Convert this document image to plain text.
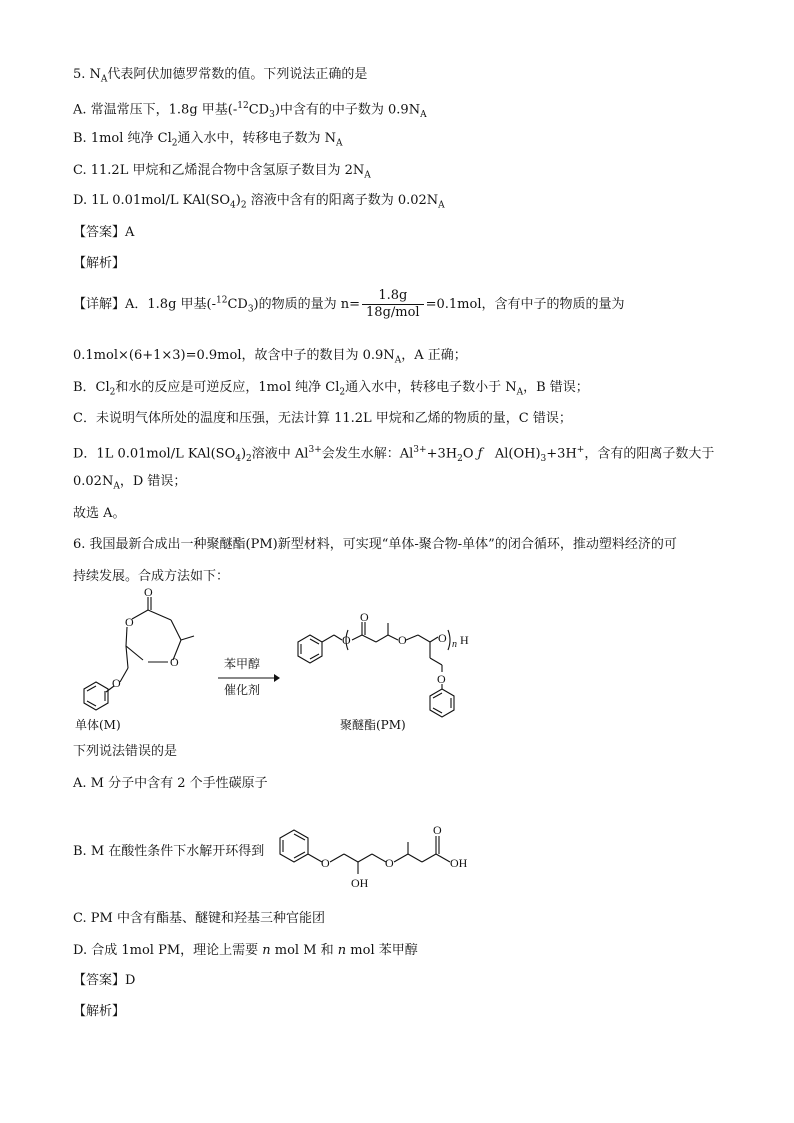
5. $N_A$代表阿伏加德罗常数的值。下列说法正确的是
A. 常温常压下，1.8g 甲基$(-^{12}CD_3)$中含有的中子数为 $0.9N_A$
B. 1mol 纯净 $Cl_2$通入水中，转移电子数为 $N_A$
C. 11.2L 甲烷和乙烯混合物中含氢原子数目为 $2N_A$
D. 1L 0.01mol/L $KAl(SO_4)_2$ 溶液中含有的阳离子数为 $0.02N_A$
【答案】A
【解析】
【详解】A．1.8g 甲基$(-^{12}CD_3)$的物质的量为 $n= \frac{1.8g}{\text{18g/mol}} =0.1mol$，含有中子的物质的量为
0.1mol×(6+1×3)=0.9mol，故含中子的数目为 $0.9N_A$，A 正确；
B．$Cl_2$和水的反应是可逆反应，1mol 纯净 $Cl_2$通入水中，转移电子数小于 $N_A$，B 错误；
C．未说明气体所处的温度和压强，无法计算 11.2L 甲烷和乙烯的物质的量，C 错误；
D．1L 0.01mol/L $KAl(SO_4)_2$溶液中 $Al^{3+}$会发生水解：$Al^{3+}+3H_2O$ ƒ $Al(OH)_3+3H^+$，含有的阳离子数大于
$0.02N_A$，D 错误；
故选 A。
6. 我国最新合成出一种聚醚酯(PM)新型材料，可实现“单体-聚合物-单体”的闭合循环，推动塑料经济的可
持续发展。合成方法如下：
O
O
O
O
苯甲醇
催化剂
O
O
O	O n H
O
单体(M)	聚醚酯(PM)
下列说法错误的是
A. M 分子中含有 2 个手性碳原子
B. M 在酸性条件下水解开环得到
O
OH
O
O
OH
C. PM 中含有酯基、醚键和羟基三种官能团
D. 合成 1mol PM，理论上需要 n mol M 和 n mol 苯甲醇
【答案】D
【解析】
